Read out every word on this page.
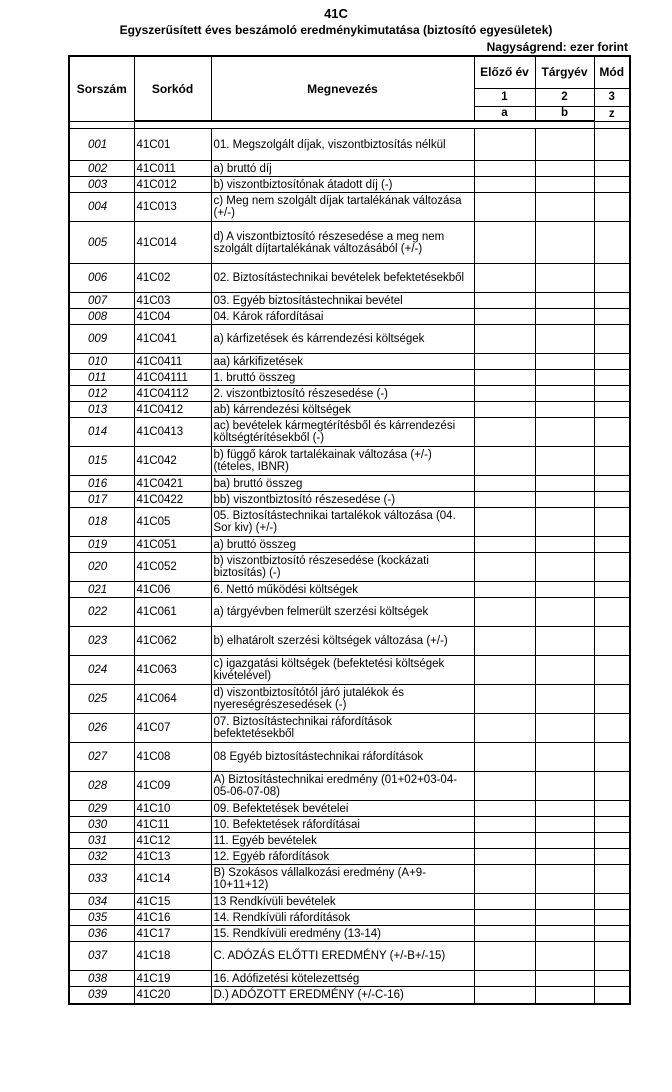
41C
Egyszerűsített éves beszámoló eredménykimutatása (biztosító egyesületek)
Nagyságrend: ezer forint
Sorszám	Sorkód	Megnevezés	Előző év	Tárgyév	Mód
			1	2	3
			a	b	z

001	41C01	01. Megszolgált díjak, viszontbiztosítás nélkül			
002	41C011	a) bruttó díj			
003	41C012	b) viszontbiztosítónak átadott díj (-)			
004	41C013	c) Meg nem szolgált díjak tartalékának változása (+/-)			
005	41C014	d) A viszontbiztosító részesedése a meg nem szolgált díjtartalékának változásából (+/-)			
006	41C02	02. Biztosítástechnikai bevételek befektetésekből			
007	41C03	03. Egyéb biztosítástechnikai bevétel			
008	41C04	04. Károk ráfordításai			
009	41C041	a) kárfizetések és kárrendezési költségek			
010	41C0411	aa) kárkifizetések			
011	41C04111	1. bruttó összeg			
012	41C04112	2. viszontbiztosító részesedése (-)			
013	41C0412	ab) kárrendezési költségek			
014	41C0413	ac) bevételek kármegtérítésből és kárrendezési költségtérítésekből (-)			
015	41C042	b) függő károk tartalékainak változása (+/-) (tételes, IBNR)			
016	41C0421	ba) bruttó összeg			
017	41C0422	bb) viszontbiztosító részesedése (-)			
018	41C05	05. Biztosítástechnikai tartalékok változása (04. Sor kiv) (+/-)			
019	41C051	a) bruttó összeg			
020	41C052	b) viszontbiztosító részesedése (kockázati biztosítás) (-)			
021	41C06	6. Nettó működési költségek			
022	41C061	a) tárgyévben felmerült szerzési költségek			
023	41C062	b) elhatárolt szerzési költségek változása (+/-)			
024	41C063	c) igazgatási költségek (befektetési költségek kivételével)			
025	41C064	d) viszontbiztosítótól járó jutalékok és nyereségrészesedések (-)			
026	41C07	07. Biztosítástechnikai ráfordítások befektetésekből			
027	41C08	08 Egyéb biztosítástechnikai ráfordítások			
028	41C09	A) Biztosítástechnikai eredmény (01+02+03-04-05-06-07-08)			
029	41C10	09. Befektetések bevételei			
030	41C11	10. Befektetések ráfordításai			
031	41C12	11. Egyéb bevételek			
032	41C13	12. Egyéb ráfordítások			
033	41C14	B) Szokásos vállalkozási eredmény (A+9-10+11+12)			
034	41C15	13 Rendkívüli bevételek			
035	41C16	14. Rendkívüli ráfordítások			
036	41C17	15. Rendkívüli eredmény (13-14)			
037	41C18	C. ADÓZÁS ELŐTTI EREDMÉNY (+/-B+/-15)			
038	41C19	16. Adófizetési kötelezettség			
039	41C20	D.) ADÓZOTT EREDMÉNY (+/-C-16)			
